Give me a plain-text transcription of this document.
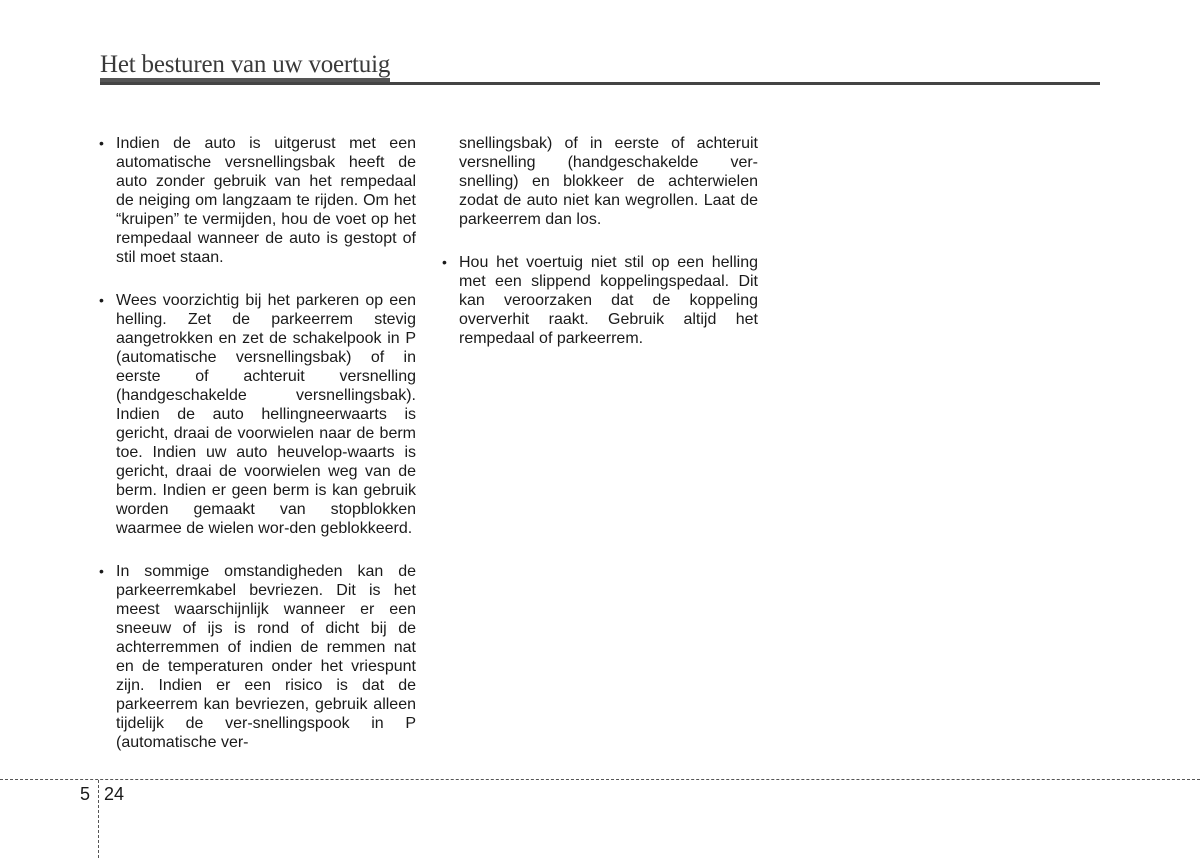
Het besturen van uw voertuig

• Indien de auto is uitgerust met een automatische versnellingsbak heeft de auto zonder gebruik van het rempedaal de neiging om langzaam te rijden. Om het “kruipen” te vermijden, hou de voet op het rempedaal wanneer de auto is gestopt of stil moet staan.

• Wees voorzichtig bij het parkeren op een helling. Zet de parkeerrem stevig aangetrokken en zet de schakelpook in P (automatische versnellingsbak) of in eerste of achteruit versnelling (handgeschakelde versnellingsbak). Indien de auto hellingneerwaarts is gericht, draai de voorwielen naar de berm toe. Indien uw auto heuvelop-waarts is gericht, draai de voorwielen weg van de berm. Indien er geen berm is kan gebruik worden gemaakt van stopblokken waarmee de wielen wor-den geblokkeerd.

• In sommige omstandigheden kan de parkeerremkabel bevriezen. Dit is het meest waarschijnlijk wanneer er een sneeuw of ijs is rond of dicht bij de achterremmen of indien de remmen nat en de temperaturen onder het vriespunt zijn. Indien er een risico is dat de parkeerrem kan bevriezen, gebruik alleen tijdelijk de ver-snellingspook in P (automatische ver-

snellingsbak) of in eerste of achteruit versnelling (handgeschakelde ver-snelling) en blokkeer de achterwielen zodat de auto niet kan wegrollen. Laat de parkeerrem dan los.

• Hou het voertuig niet stil op een helling met een slippend koppelingspedaal. Dit kan veroorzaken dat de koppeling oververhit raakt. Gebruik altijd het rempedaal of parkeerrem.

5 24
